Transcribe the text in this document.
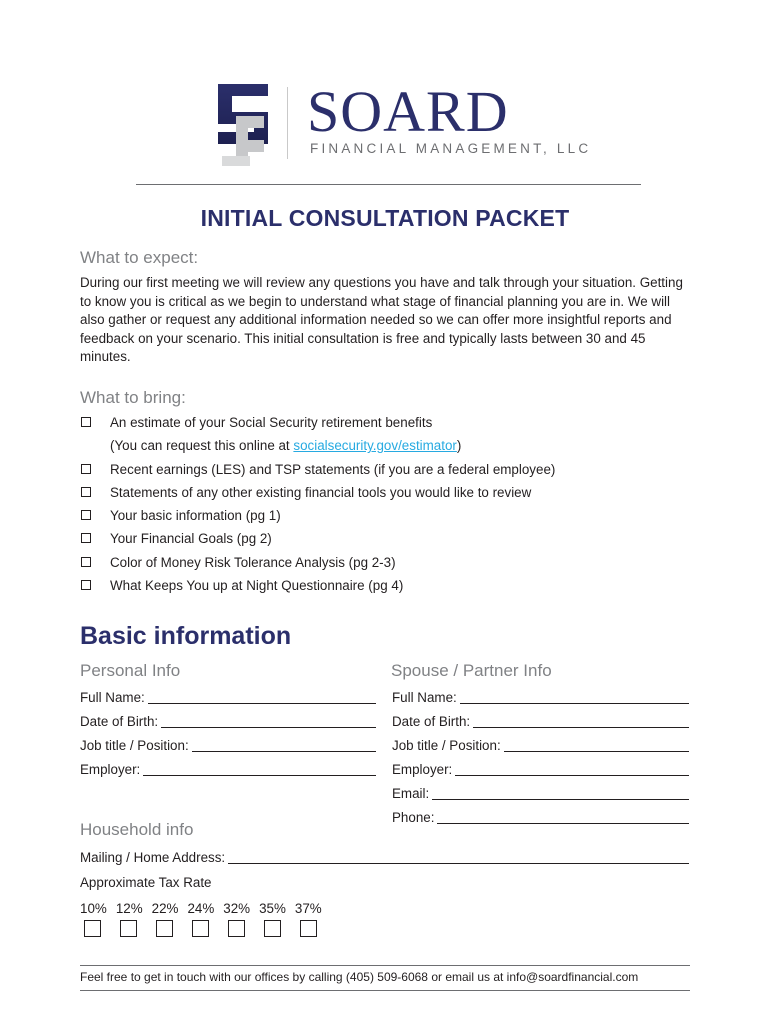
SOARD
FINANCIAL MANAGEMENT, LLC
INITIAL CONSULTATION PACKET
What to expect:
During our first meeting we will review any questions you have and talk through your situation. Getting to know you is critical as we begin to understand what stage of financial planning you are in. We will also gather or request any additional information needed so we can offer more insightful reports and feedback on your scenario. This initial consultation is free and typically lasts between 30 and 45 minutes.
What to bring:
An estimate of your Social Security retirement benefits
(You can request this online at socialsecurity.gov/estimator)
Recent earnings (LES) and TSP statements (if you are a federal employee)
Statements of any other existing financial tools you would like to review
Your basic information (pg 1)
Your Financial Goals (pg 2)
Color of Money Risk Tolerance Analysis (pg 2-3)
What Keeps You up at Night Questionnaire (pg 4)
Basic information
Personal Info	Spouse / Partner Info
Full Name:
Date of Birth:
Job title / Position:
Employer:
Full Name:
Date of Birth:
Job title / Position:
Employer:
Email:
Phone:
Household info
Mailing / Home Address:
Approximate Tax Rate
10% 12% 22% 24% 32% 35% 37%
Feel free to get in touch with our offices by calling (405) 509-6068 or email us at info@soardfinancial.com
